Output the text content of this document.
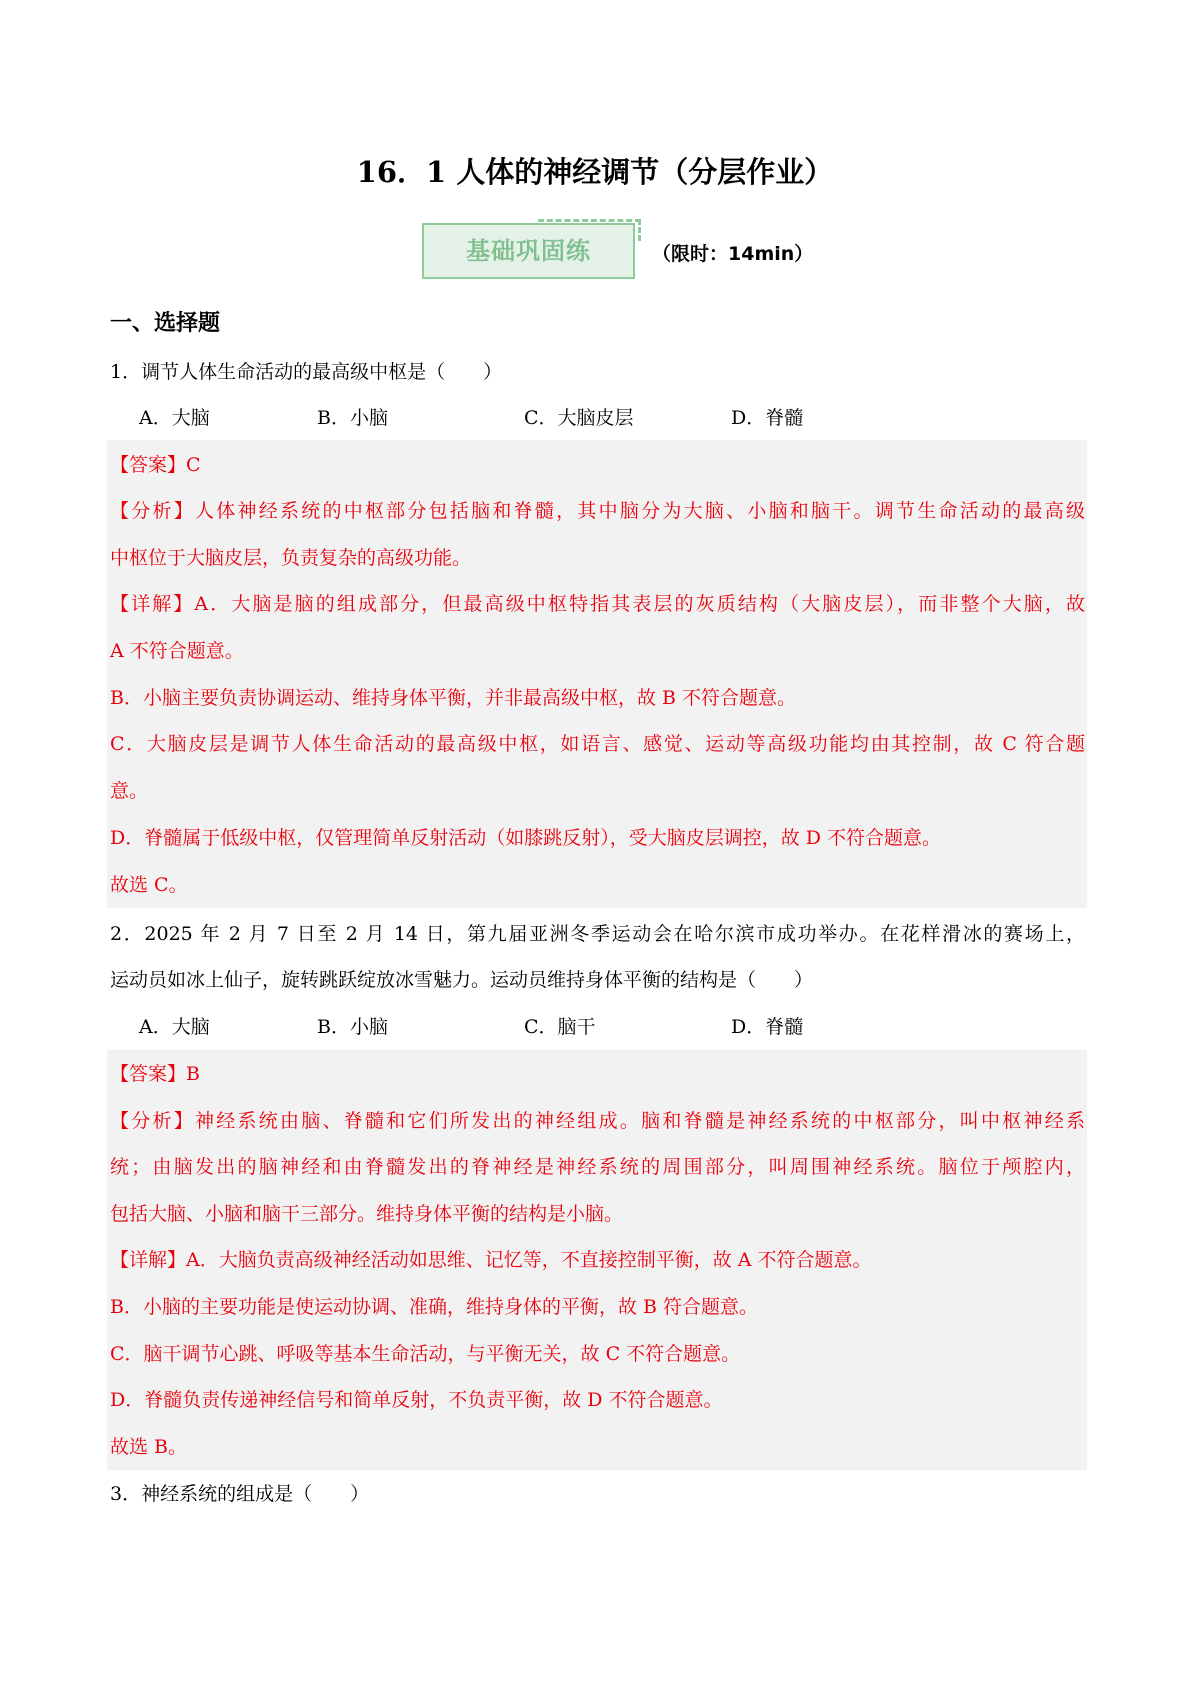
16．1 人体的神经调节（分层作业）
基础巩固练	（限时：14min）
一、选择题
1．调节人体生命活动的最高级中枢是（　　）
A．大脑	B．小脑	C．大脑皮层	D．脊髓
【答案】C
【分析】人体神经系统的中枢部分包括脑和脊髓，其中脑分为大脑、小脑和脑干。调节生命活动的最高级
中枢位于大脑皮层，负责复杂的高级功能。
【详解】A．大脑是脑的组成部分，但最高级中枢特指其表层的灰质结构（大脑皮层），而非整个大脑，故
A 不符合题意。
B．小脑主要负责协调运动、维持身体平衡，并非最高级中枢，故 B 不符合题意。
C．大脑皮层是调节人体生命活动的最高级中枢，如语言、感觉、运动等高级功能均由其控制，故 C 符合题
意。
D．脊髓属于低级中枢，仅管理简单反射活动（如膝跳反射），受大脑皮层调控，故 D 不符合题意。
故选 C。
2．2025 年 2 月 7 日至 2 月 14 日，第九届亚洲冬季运动会在哈尔滨市成功举办。在花样滑冰的赛场上，
运动员如冰上仙子，旋转跳跃绽放冰雪魅力。运动员维持身体平衡的结构是（　　）
A．大脑	B．小脑	C．脑干	D．脊髓
【答案】B
【分析】神经系统由脑、脊髓和它们所发出的神经组成。脑和脊髓是神经系统的中枢部分，叫中枢神经系
统；由脑发出的脑神经和由脊髓发出的脊神经是神经系统的周围部分，叫周围神经系统。脑位于颅腔内，
包括大脑、小脑和脑干三部分。维持身体平衡的结构是小脑。
【详解】A．大脑负责高级神经活动如思维、记忆等，不直接控制平衡，故 A 不符合题意。
B．小脑的主要功能是使运动协调、准确，维持身体的平衡，故 B 符合题意。
C．脑干调节心跳、呼吸等基本生命活动，与平衡无关，故 C 不符合题意。
D．脊髓负责传递神经信号和简单反射，不负责平衡，故 D 不符合题意。
故选 B。
3．神经系统的组成是（　　）
